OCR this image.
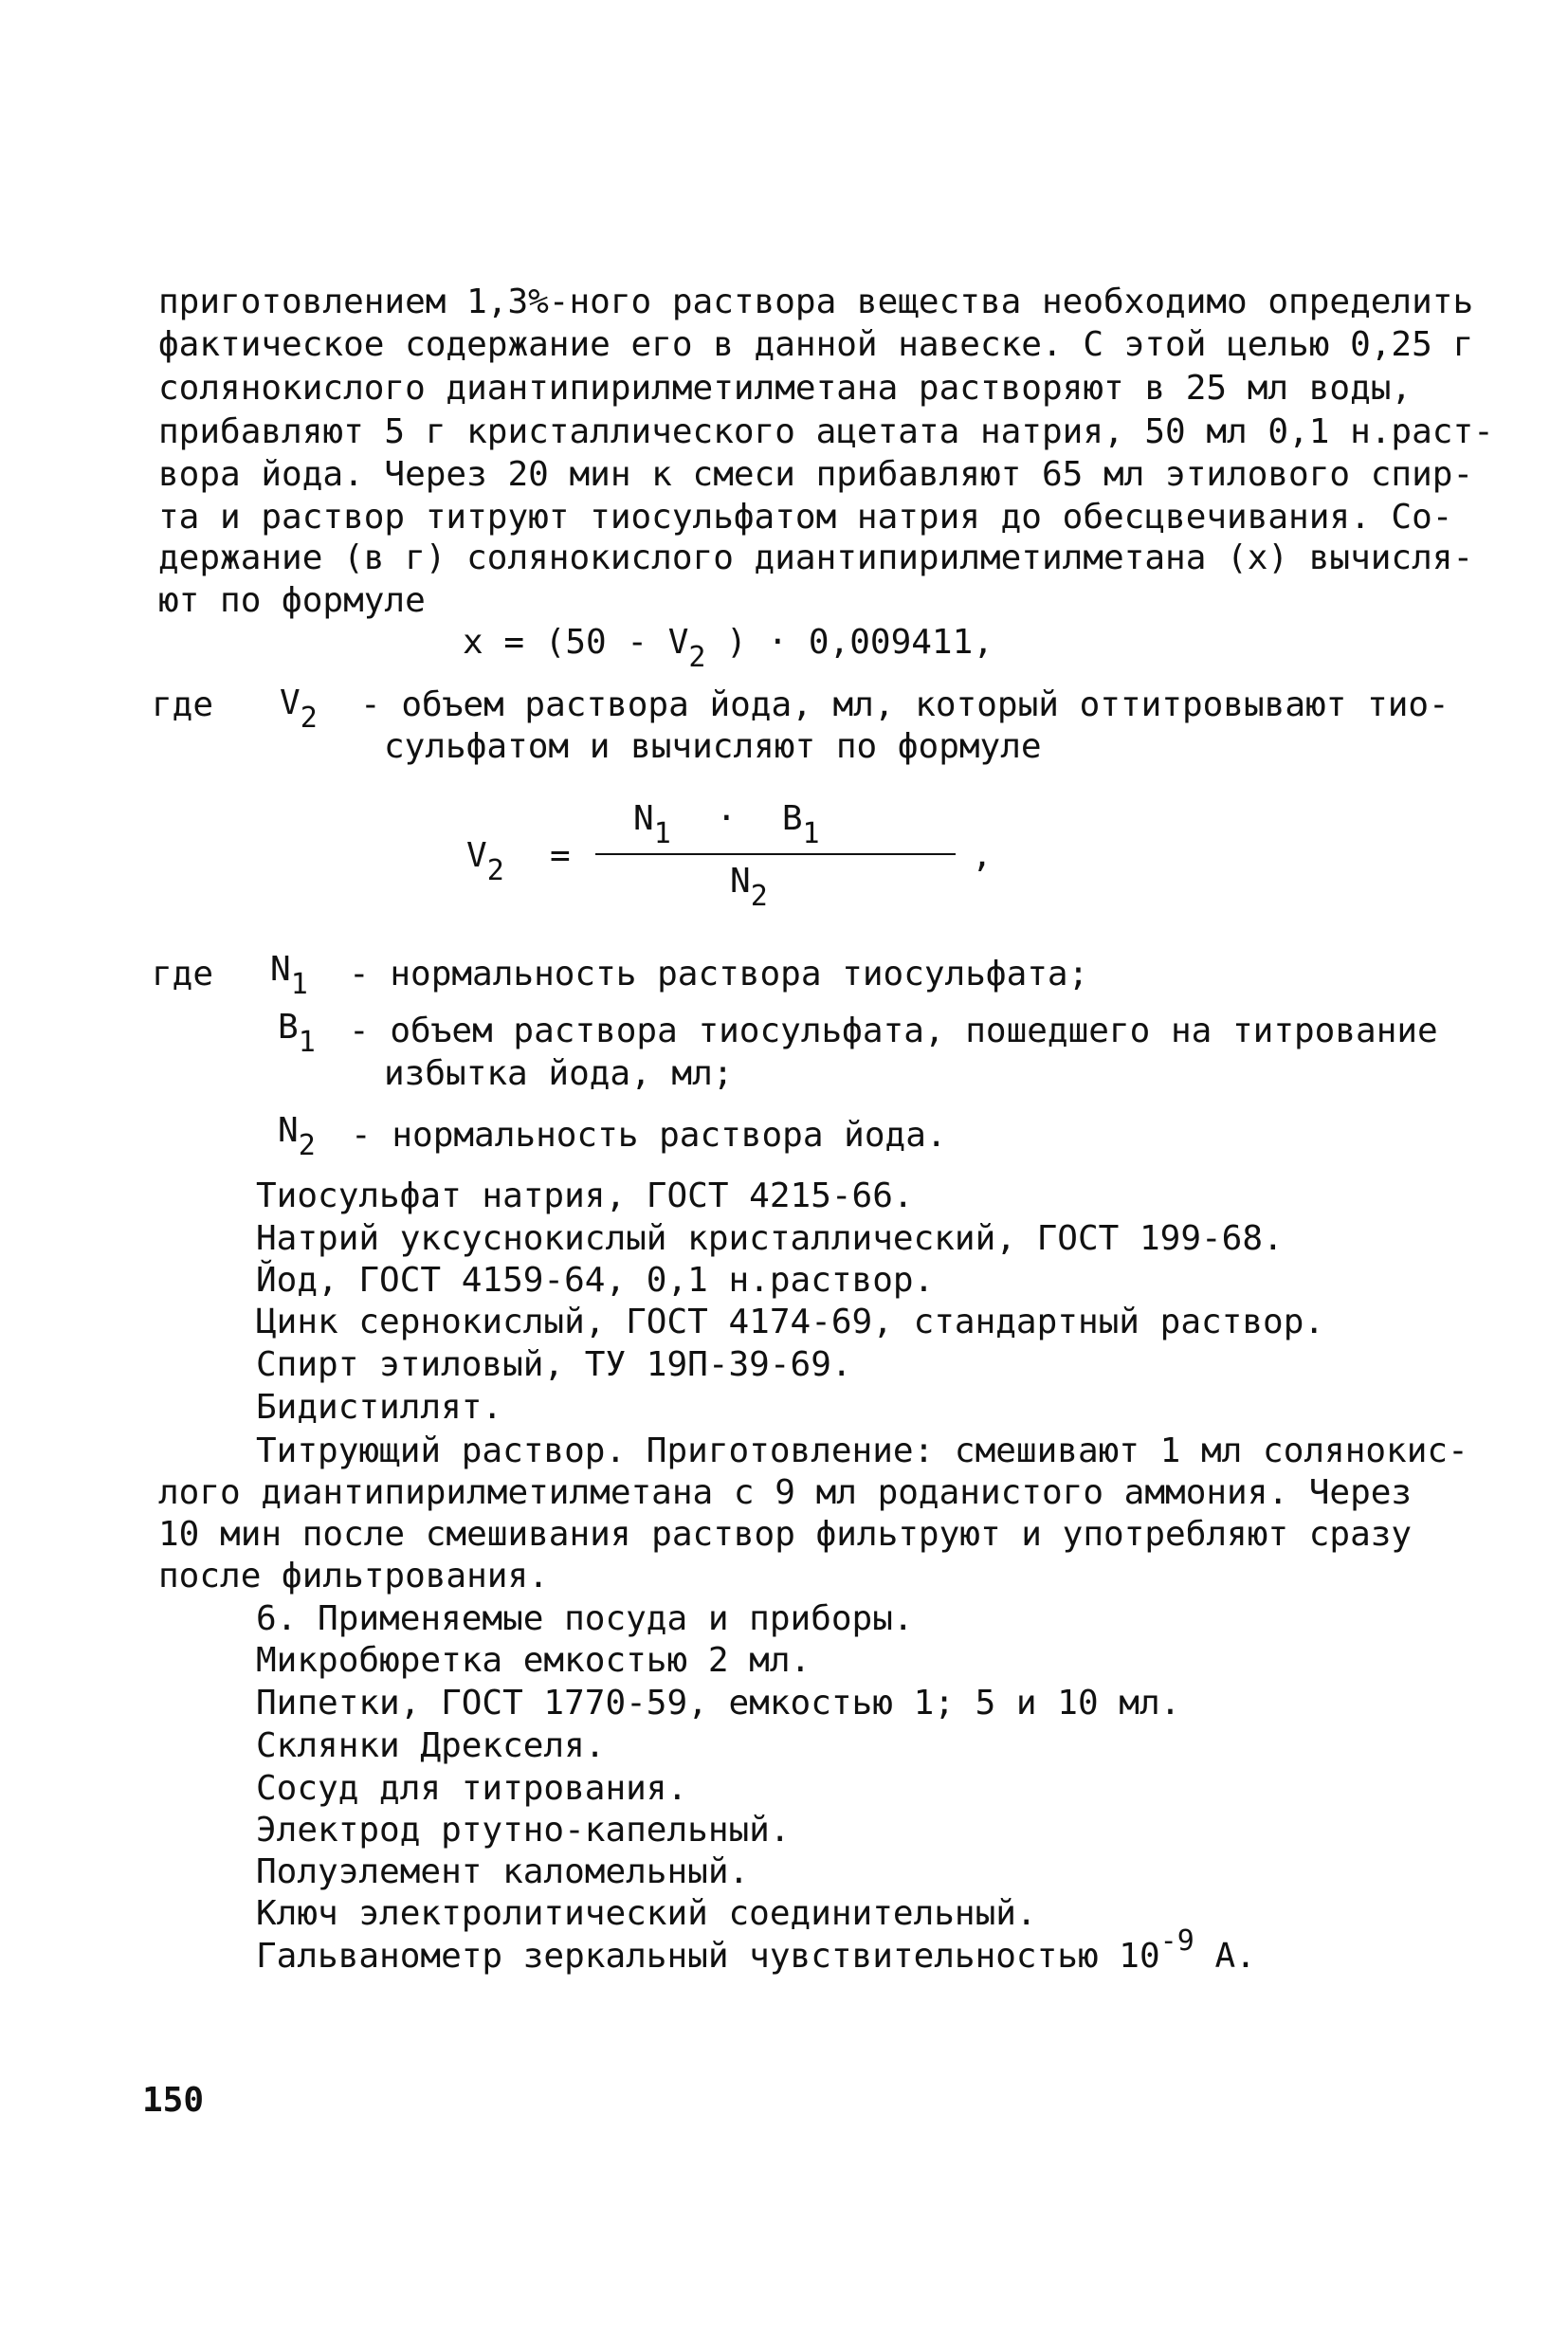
приготовлением 1,3%-ного раствора вещества необходимо определить
фактическое содержание его в данной навеске. С этой целью 0,25 г
солянокислого диантипирилметилметана растворяют в 25 мл воды,
прибавляют 5 г кристаллического ацетата натрия, 50 мл 0,1 н.раст-
вора йода. Через 20 мин к смеси прибавляют 65 мл этилового спир-
та и раствор титруют тиосульфатом натрия до обесцвечивания. Со-
держание (в г) солянокислого диантипирилметилметана (x) вычисля-
ют по формуле
$x = (50 - V_2$ ) · 0,009411,
где $V_2$ - объем раствора йода, мл, который оттитровывают тио-
сульфатом и вычисляют по формуле
$N_1 \cdot B_1$
$N_2$
$V_2$ =	,
где $N_1$ - нормальность раствора тиосульфата;
$B_1$ - объем раствора тиосульфата, пошедшего на титрование
избытка йода, мл;
$N_2$ - нормальность раствора йода.
Тиосульфат натрия, ГОСТ 4215-66.
Натрий уксуснокислый кристаллический, ГОСТ 199-68.
Йод, ГОСТ 4159-64, 0,1 н.раствор.
Цинк сернокислый, ГОСТ 4174-69, стандартный раствор.
Спирт этиловый, ТУ 19П-39-69.
Бидистиллят.
Титрующий раствор. Приготовление: смешивают 1 мл солянокис-
лого диантипирилметилметана с 9 мл роданистого аммония. Через
10 мин после смешивания раствор фильтруют и употребляют сразу
после фильтрования.
6. Применяемые посуда и приборы.
Микробюретка емкостью 2 мл.
Пипетки, ГОСТ 1770-59, емкостью 1; 5 и 10 мл.
Склянки Дрекселя.
Сосуд для титрования.
Электрод ртутно-капельный.
Полуэлемент каломельный.
Ключ электролитический соединительный.
Гальванометр зеркальный чувствительностью $10^{-9}$ A.
150
